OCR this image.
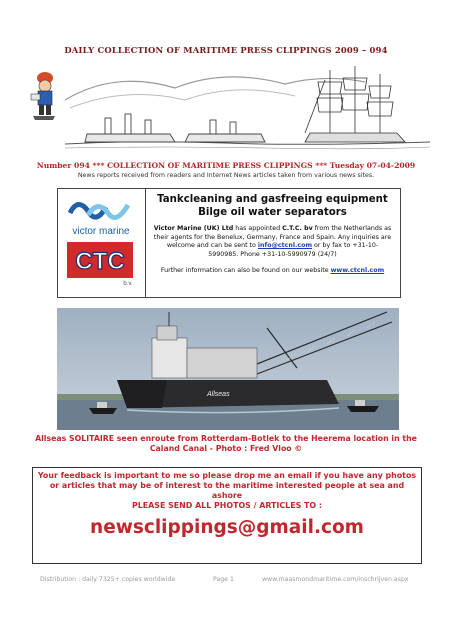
DAILY COLLECTION OF MARITIME PRESS CLIPPINGS 2009 – 094
Number 094 *** COLLECTION OF MARITIME PRESS CLIPPINGS *** Tuesday 07-04-2009
News reports received from readers and Internet News articles taken from various news sites.
victor marine
CTC
b.v.
Tankcleaning and gasfreeing equipment
Bilge oil water separators
Victor Marine (UK) Ltd has appointed C.T.C. bv from the Netherlands as their agents for the Benelux, Germany, France and Spain. Any inquiries are welcome and can be sent to info@ctcnl.com or by fax to +31-10-5990985. Phone +31-10-5990979 (24/7)
Further information can also be found on our website www.ctcnl.com
Allseas
Allseas SOLITAIRE seen enroute from Rotterdam-Botlek to the Heerema location in the Caland Canal - Photo : Fred Vloo ©
Your feedback is important to me so please drop me an email if you have any photos or articles that may be of interest to the maritime interested people at sea and ashore
PLEASE SEND ALL PHOTOS / ARTICLES TO :
newsclippings@gmail.com
Distribution : daily 7325+ copies worldwide	Page 1	www.maasmondmaritime.com/inschrijven.aspx
